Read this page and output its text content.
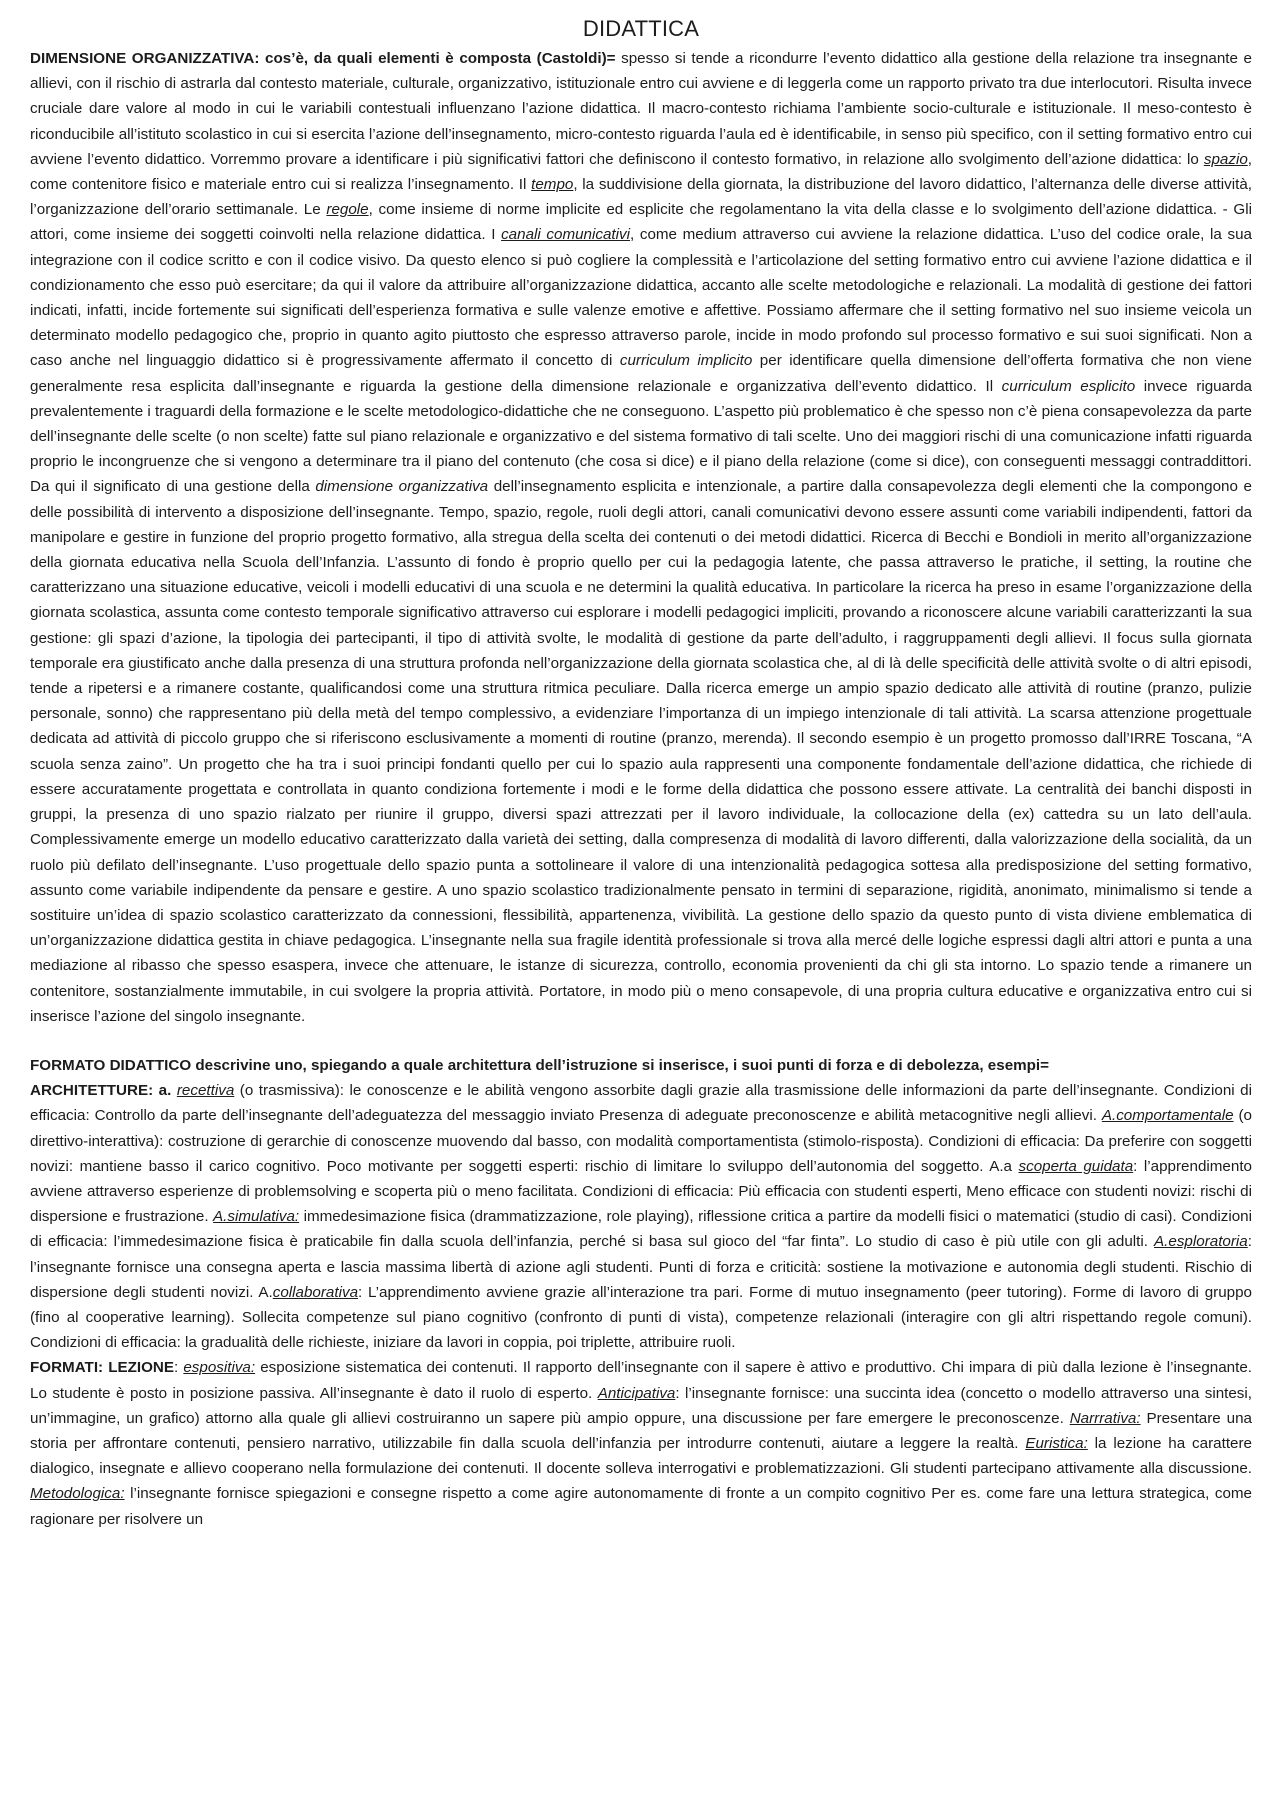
DIDATTICA

DIMENSIONE ORGANIZZATIVA: cos’è, da quali elementi è composta (Castoldi)= spesso si tende a ricondurre l’evento didattico alla gestione della relazione tra insegnante e allievi, con il rischio di astrarla dal contesto materiale, culturale, organizzativo, istituzionale entro cui avviene e di leggerla come un rapporto privato tra due interlocutori. Risulta invece cruciale dare valore al modo in cui le variabili contestuali influenzano l’azione didattica. Il macro-contesto richiama l’ambiente socio-culturale e istituzionale. Il meso-contesto è riconducibile all’istituto scolastico in cui si esercita l’azione dell’insegnamento, micro-contesto riguarda l’aula ed è identificabile, in senso più specifico, con il setting formativo entro cui avviene l’evento didattico. Vorremmo provare a identificare i più significativi fattori che definiscono il contesto formativo, in relazione allo svolgimento dell’azione didattica: lo spazio, come contenitore fisico e materiale entro cui si realizza l’insegnamento. Il tempo, la suddivisione della giornata, la distribuzione del lavoro didattico, l’alternanza delle diverse attività, l’organizzazione dell’orario settimanale. Le regole, come insieme di norme implicite ed esplicite che regolamentano la vita della classe e lo svolgimento dell’azione didattica. - Gli attori, come insieme dei soggetti coinvolti nella relazione didattica. I canali comunicativi, come medium attraverso cui avviene la relazione didattica. L’uso del codice orale, la sua integrazione con il codice scritto e con il codice visivo. Da questo elenco si può cogliere la complessità e l’articolazione del setting formativo entro cui avviene l’azione didattica e il condizionamento che esso può esercitare; da qui il valore da attribuire all’organizzazione didattica, accanto alle scelte metodologiche e relazionali. La modalità di gestione dei fattori indicati, infatti, incide fortemente sui significati dell’esperienza formativa e sulle valenze emotive e affettive. Possiamo affermare che il setting formativo nel suo insieme veicola un determinato modello pedagogico che, proprio in quanto agito piuttosto che espresso attraverso parole, incide in modo profondo sul processo formativo e sui suoi significati. Non a caso anche nel linguaggio didattico si è progressivamente affermato il concetto di curriculum implicito per identificare quella dimensione dell’offerta formativa che non viene generalmente resa esplicita dall’insegnante e riguarda la gestione della dimensione relazionale e organizzativa dell’evento didattico. Il curriculum esplicito invece riguarda prevalentemente i traguardi della formazione e le scelte metodologico-didattiche che ne conseguono. L’aspetto più problematico è che spesso non c’è piena consapevolezza da parte dell’insegnante delle scelte (o non scelte) fatte sul piano relazionale e organizzativo e del sistema formativo di tali scelte. Uno dei maggiori rischi di una comunicazione infatti riguarda proprio le incongruenze che si vengono a determinare tra il piano del contenuto (che cosa si dice) e il piano della relazione (come si dice), con conseguenti messaggi contraddittori. Da qui il significato di una gestione della dimensione organizzativa dell’insegnamento esplicita e intenzionale, a partire dalla consapevolezza degli elementi che la compongono e delle possibilità di intervento a disposizione dell’insegnante. Tempo, spazio, regole, ruoli degli attori, canali comunicativi devono essere assunti come variabili indipendenti, fattori da manipolare e gestire in funzione del proprio progetto formativo, alla stregua della scelta dei contenuti o dei metodi didattici. Ricerca di Becchi e Bondioli in merito all’organizzazione della giornata educativa nella Scuola dell’Infanzia. L’assunto di fondo è proprio quello per cui la pedagogia latente, che passa attraverso le pratiche, il setting, la routine che caratterizzano una situazione educative, veicoli i modelli educativi di una scuola e ne determini la qualità educativa. In particolare la ricerca ha preso in esame l’organizzazione della giornata scolastica, assunta come contesto temporale significativo attraverso cui esplorare i modelli pedagogici impliciti, provando a riconoscere alcune variabili caratterizzanti la sua gestione: gli spazi d’azione, la tipologia dei partecipanti, il tipo di attività svolte, le modalità di gestione da parte dell’adulto, i raggruppamenti degli allievi. Il focus sulla giornata temporale era giustificato anche dalla presenza di una struttura profonda nell’organizzazione della giornata scolastica che, al di là delle specificità delle attività svolte o di altri episodi, tende a ripetersi e a rimanere costante, qualificandosi come una struttura ritmica peculiare. Dalla ricerca emerge un ampio spazio dedicato alle attività di routine (pranzo, pulizie personale, sonno) che rappresentano più della metà del tempo complessivo, a evidenziare l’importanza di un impiego intenzionale di tali attività. La scarsa attenzione progettuale dedicata ad attività di piccolo gruppo che si riferiscono esclusivamente a momenti di routine (pranzo, merenda). Il secondo esempio è un progetto promosso dall’IRRE Toscana, “A scuola senza zaino”. Un progetto che ha tra i suoi principi fondanti quello per cui lo spazio aula rappresenti una componente fondamentale dell’azione didattica, che richiede di essere accuratamente progettata e controllata in quanto condiziona fortemente i modi e le forme della didattica che possono essere attivate. La centralità dei banchi disposti in gruppi, la presenza di uno spazio rialzato per riunire il gruppo, diversi spazi attrezzati per il lavoro individuale, la collocazione della (ex) cattedra su un lato dell’aula. Complessivamente emerge un modello educativo caratterizzato dalla varietà dei setting, dalla compresenza di modalità di lavoro differenti, dalla valorizzazione della socialità, da un ruolo più defilato dell’insegnante. L’uso progettuale dello spazio punta a sottolineare il valore di una intenzionalità pedagogica sottesa alla predisposizione del setting formativo, assunto come variabile indipendente da pensare e gestire. A uno spazio scolastico tradizionalmente pensato in termini di separazione, rigidità, anonimato, minimalismo si tende a sostituire un’idea di spazio scolastico caratterizzato da connessioni, flessibilità, appartenenza, vivibilità. La gestione dello spazio da questo punto di vista diviene emblematica di un’organizzazione didattica gestita in chiave pedagogica. L’insegnante nella sua fragile identità professionale si trova alla mercé delle logiche espressi dagli altri attori e punta a una mediazione al ribasso che spesso esaspera, invece che attenuare, le istanze di sicurezza, controllo, economia provenienti da chi gli sta intorno. Lo spazio tende a rimanere un contenitore, sostanzialmente immutabile, in cui svolgere la propria attività. Portatore, in modo più o meno consapevole, di una propria cultura educative e organizzativa entro cui si inserisce l’azione del singolo insegnante.

FORMATO DIDATTICO descrivine uno, spiegando a quale architettura dell’istruzione si inserisce, i suoi punti di forza e di debolezza, esempi=

ARCHITETTURE: a. recettiva (o trasmissiva): le conoscenze e le abilità vengono assorbite dagli grazie alla trasmissione delle informazioni da parte dell’insegnante. Condizioni di efficacia: Controllo da parte dell’insegnante dell’adeguatezza del messaggio inviato Presenza di adeguate preconoscenze e abilità metacognitive negli allievi. A.comportamentale (o direttivo-interattiva): costruzione di gerarchie di conoscenze muovendo dal basso, con modalità comportamentista (stimolo-risposta). Condizioni di efficacia: Da preferire con soggetti novizi: mantiene basso il carico cognitivo. Poco motivante per soggetti esperti: rischio di limitare lo sviluppo dell’autonomia del soggetto. A.a scoperta guidata: l’apprendimento avviene attraverso esperienze di problemsolving e scoperta più o meno facilitata. Condizioni di efficacia: Più efficacia con studenti esperti, Meno efficace con studenti novizi: rischi di dispersione e frustrazione. A.simulativa: immedesimazione fisica (drammatizzazione, role playing), riflessione critica a partire da modelli fisici o matematici (studio di casi). Condizioni di efficacia: l’immedesimazione fisica è praticabile fin dalla scuola dell’infanzia, perché si basa sul gioco del “far finta”. Lo studio di caso è più utile con gli adulti. A.esploratoria: l’insegnante fornisce una consegna aperta e lascia massima libertà di azione agli studenti. Punti di forza e criticità: sostiene la motivazione e autonomia degli studenti. Rischio di dispersione degli studenti novizi. A.collaborativa: L’apprendimento avviene grazie all’interazione tra pari. Forme di mutuo insegnamento (peer tutoring). Forme di lavoro di gruppo (fino al cooperative learning). Sollecita competenze sul piano cognitivo (confronto di punti di vista), competenze relazionali (interagire con gli altri rispettando regole comuni). Condizioni di efficacia: la gradualità delle richieste, iniziare da lavori in coppia, poi triplette, attribuire ruoli.

FORMATI: LEZIONE: espositiva: esposizione sistematica dei contenuti. Il rapporto dell’insegnante con il sapere è attivo e produttivo. Chi impara di più dalla lezione è l’insegnante. Lo studente è posto in posizione passiva. All’insegnante è dato il ruolo di esperto. Anticipativa: l’insegnante fornisce: una succinta idea (concetto o modello attraverso una sintesi, un’immagine, un grafico) attorno alla quale gli allievi costruiranno un sapere più ampio oppure, una discussione per fare emergere le preconoscenze. Narrrativa: Presentare una storia per affrontare contenuti, pensiero narrativo, utilizzabile fin dalla scuola dell’infanzia per introdurre contenuti, aiutare a leggere la realtà. Euristica: la lezione ha carattere dialogico, insegnate e allievo cooperano nella formulazione dei contenuti. Il docente solleva interrogativi e problematizzazioni. Gli studenti partecipano attivamente alla discussione. Metodologica: l’insegnante fornisce spiegazioni e consegne rispetto a come agire autonomamente di fronte a un compito cognitivo Per es. come fare una lettura strategica, come ragionare per risolvere un
